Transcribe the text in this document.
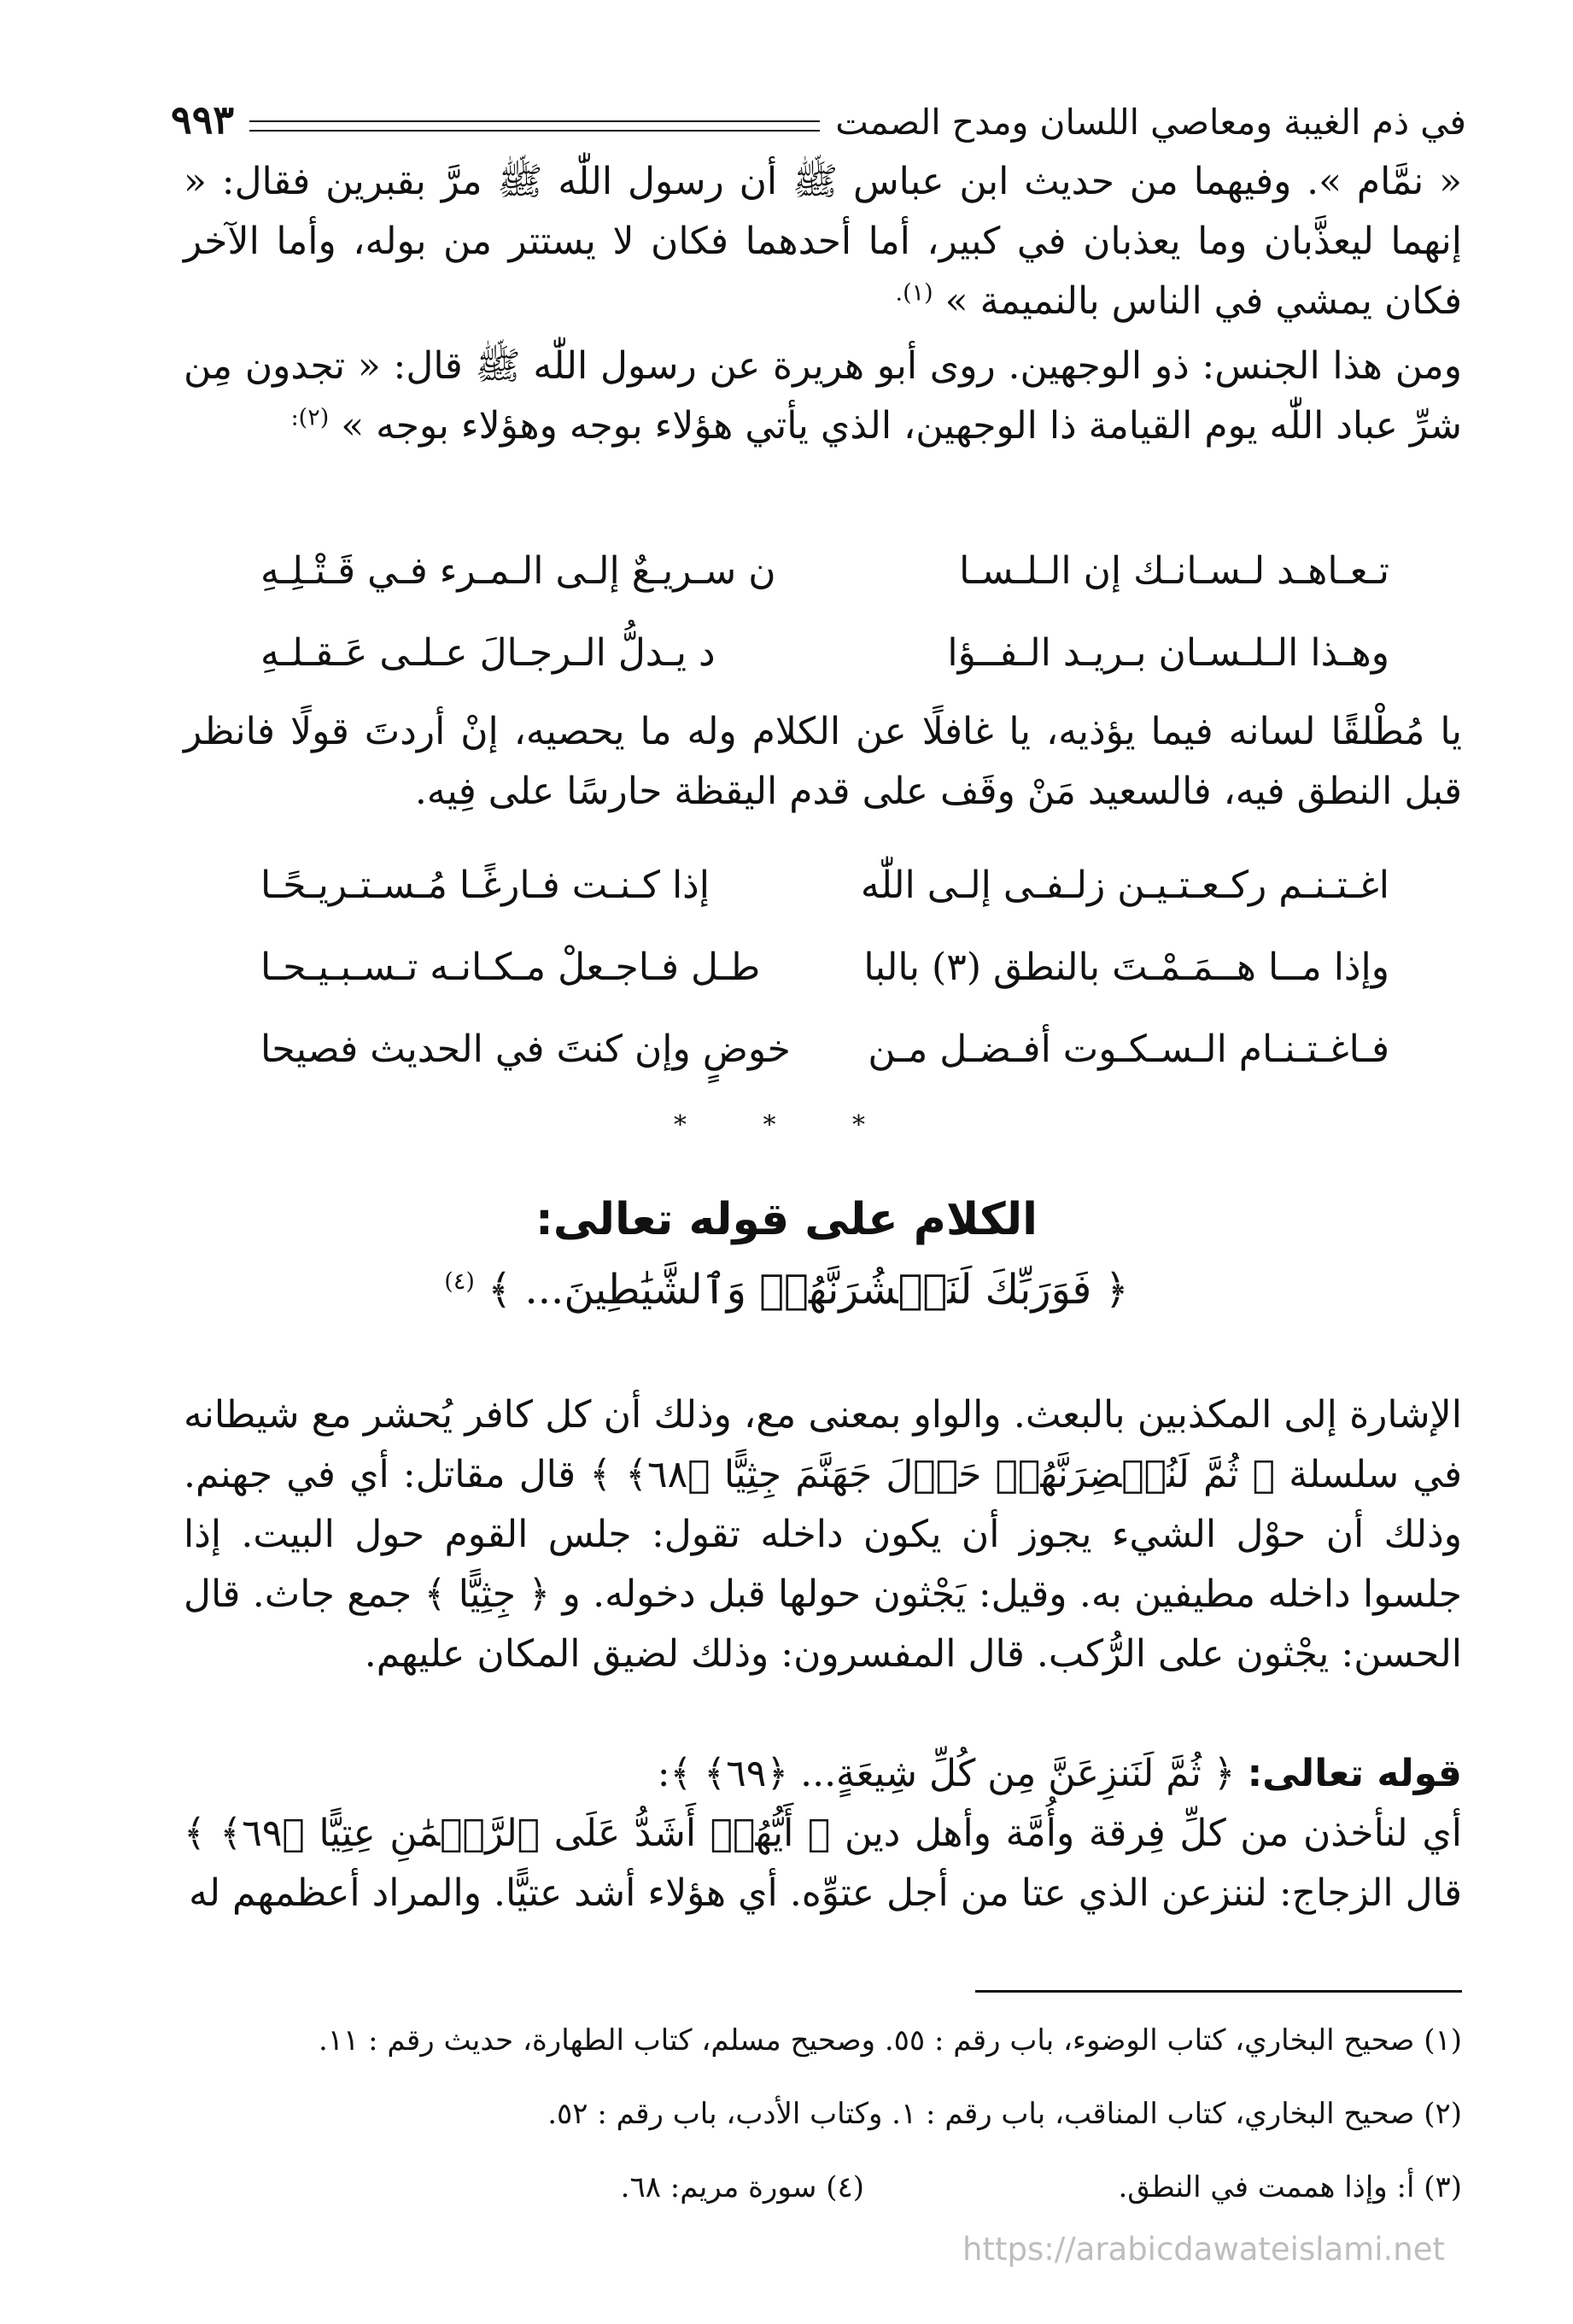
في ذم الغيبة ومعاصي اللسان ومدح الصمت
٩٩٣
« نمَّام ». وفيهما من حديث ابن عباس ﷺ أن رسول اللّٰه ﷺ مرَّ بقبرين فقال: « إنهما ليعذَّبان وما يعذبان في كبير، أما أحدهما فكان لا يستتر من بوله، وأما الآخر فكان يمشي في الناس بالنميمة » $^{(١).}$
ومن هذا الجنس: ذو الوجهين. روى أبو هريرة عن رسول اللّٰه ﷺ قال: « تجدون مِن شرِّ عباد اللّٰه يوم القيامة ذا الوجهين، الذي يأتي هؤلاء بوجه وهؤلاء بوجه » $^{(٢):}$
تـعـاهـد لـسـانـك إن الـلـسـا
ن سـريـعٌ إلـى الـمـرء فـي قَـتْـلِـهِ
وهـذا الـلـسـان بـريـد الـفــؤا
د يـدلُّ الـرجـالَ عـلـى عَـقـلـهِ
يا مُطْلقًا لسانه فيما يؤذيه، يا غافلًا عن الكلام وله ما يحصيه، إنْ أردتَ قولًا فانظر قبل النطق فيه، فالسعيد مَنْ وقَف على قدم اليقظة حارسًا على فِيه.
اغـتـنـم ركـعـتـيـن زلـفـى إلـى اللّٰه
إذا كـنـت فـارغًـا مُـسـتـريـحًـا
وإذا مــا هــمَـمْـتَ بالنطق (٣) بالبا
طـل فـاجـعلْ مـكـانـه تـسـبـيـحـا
فـاغـتـنـام الـسـكـوت أفـضـل مـن
خوضٍ وإن كنتَ في الحديث فصيحا
* * *
الكلام على قوله تعالى:
﴿ فَوَرَبِّكَ لَنَحۡشُرَنَّهُمۡ وَٱلشَّيَٰطِينَ... ﴾ $^{(٤)}$
الإشارة إلى المكذبين بالبعث. والواو بمعنى مع، وذلك أن كل كافر يُحشر مع شيطانه في سلسلة ﴿ ثُمَّ لَنُحۡضِرَنَّهُمۡ حَوۡلَ جَهَنَّمَ جِثِيًّا ﴿٦٨﴾ ﴾ قال مقاتل: أي في جهنم. وذلك أن حوْل الشيء يجوز أن يكون داخله تقول: جلس القوم حول البيت. إذا جلسوا داخله مطيفين به. وقيل: يَجْثون حولها قبل دخوله. و ﴿ جِثِيًّا ﴾ جمع جاث. قال الحسن: يجْثون على الرُّكب. قال المفسرون: وذلك لضيق المكان عليهم.
قوله تعالى: ﴿ ثُمَّ لَنَنزِعَنَّ مِن كُلِّ شِيعَةٍ... ﴿٦٩﴾ ﴾:
أي لنأخذن من كلِّ فِرقة وأُمَّة وأهل دين ﴿ أَيُّهُمۡ أَشَدُّ عَلَى ٱلرَّحۡمَٰنِ عِتِيًّا ﴿٦٩﴾ ﴾ قال الزجاج: لننزعن الذي عتا من أجل عتوِّه. أي هؤلاء أشد عتيًّا. والمراد أعظمهم له
(١) صحيح البخاري، كتاب الوضوء، باب رقم : ٥٥. وصحيح مسلم، كتاب الطهارة، حديث رقم : ١١.
(٢) صحيح البخاري، كتاب المناقب، باب رقم : ١. وكتاب الأدب، باب رقم : ٥٢.
(٣) أ: وإذا هممت في النطق.
(٤) سورة مريم: ٦٨.
https://arabicdawateislami.net
